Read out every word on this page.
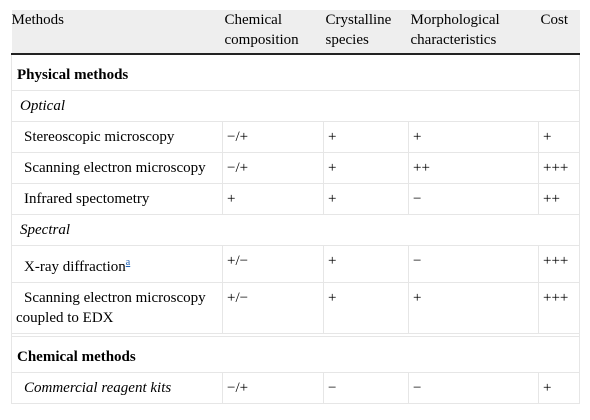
Methods	Chemical composition	Crystalline species	Morphological characteristics	Cost
Physical methods				
Optical				
Stereoscopic microscopy	−/+	+	+	+
Scanning electron microscopy	−/+	+	++	+++
Infrared spectometry	+	+	−	++
Spectral				
X-ray diffraction$^a$	+/−	+	−	+++
Scanning electron microscopy coupled to EDX	+/−	+	+	+++

Chemical methods				
Commercial reagent kits	−/+	−	−	+
